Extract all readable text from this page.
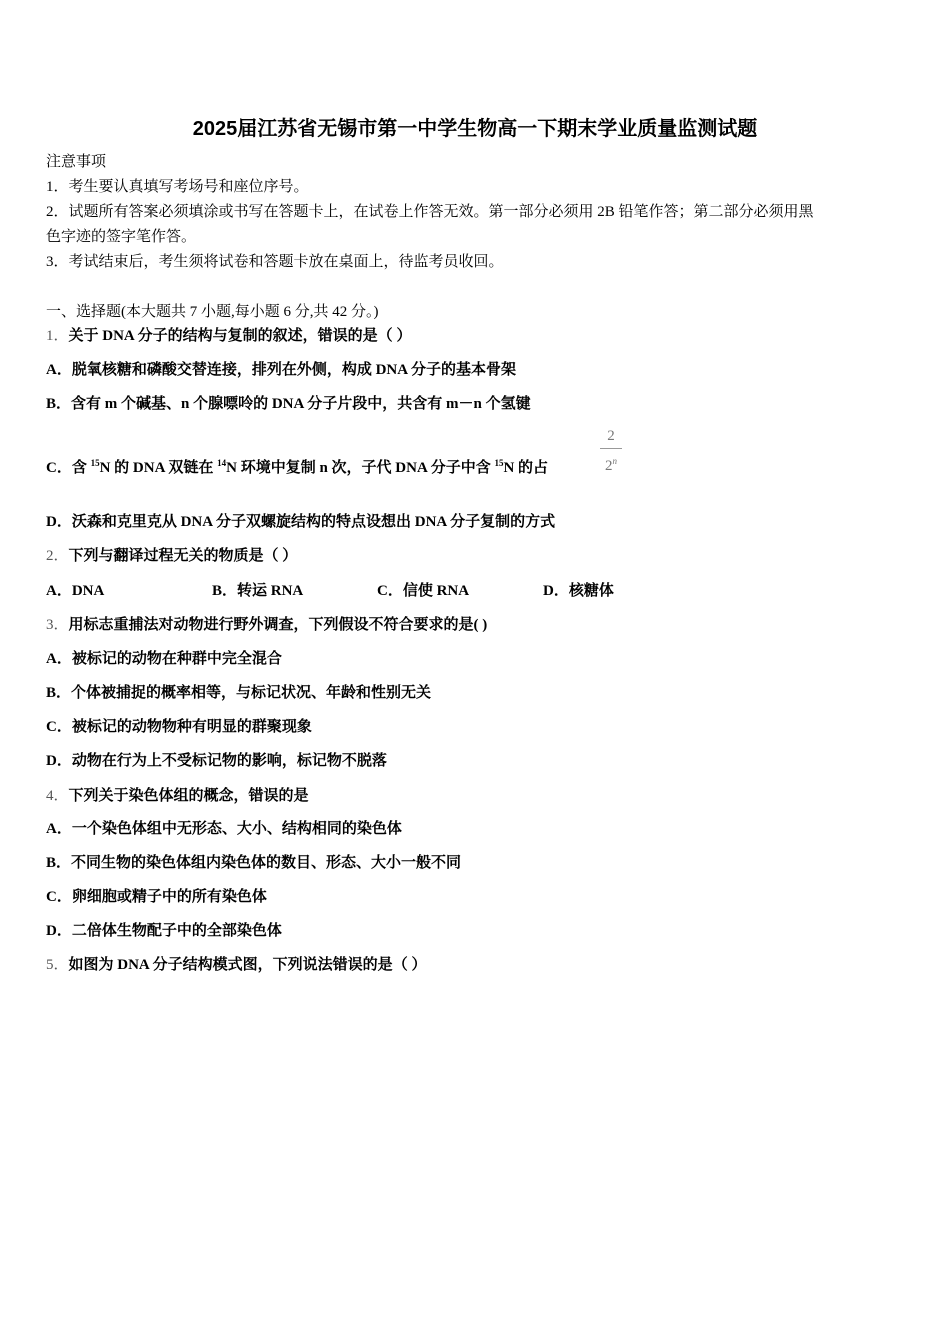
2025届江苏省无锡市第一中学生物高一下期末学业质量监测试题
注意事项
1．考生要认真填写考场号和座位序号。
2．试题所有答案必须填涂或书写在答题卡上，在试卷上作答无效。第一部分必须用 2B 铅笔作答；第二部分必须用黑
色字迹的签字笔作答。
3．考试结束后，考生须将试卷和答题卡放在桌面上，待监考员收回。
一、选择题(本大题共 7 小题,每小题 6 分,共 42 分。)
1．关于 DNA 分子的结构与复制的叙述，错误的是（ ）
A．脱氧核糖和磷酸交替连接，排列在外侧，构成 DNA 分子的基本骨架
B．含有 m 个碱基、n 个腺嘌呤的 DNA 分子片段中，共含有 m－n 个氢键
C．含 $^{15}$N 的 DNA 双链在 $^{14}$N 环境中复制 n 次，子代 DNA 分子中含 $^{15}$N 的占
2
2$^n$
D．沃森和克里克从 DNA 分子双螺旋结构的特点设想出 DNA 分子复制的方式
2．下列与翻译过程无关的物质是（ ）
A．DNA	B．转运 RNA	C．信使 RNA	D．核糖体
3．用标志重捕法对动物进行野外调查，下列假设不符合要求的是( )
A．被标记的动物在种群中完全混合
B．个体被捕捉的概率相等，与标记状况、年龄和性别无关
C．被标记的动物物种有明显的群聚现象
D．动物在行为上不受标记物的影响，标记物不脱落
4．下列关于染色体组的概念，错误的是
A．一个染色体组中无形态、大小、结构相同的染色体
B．不同生物的染色体组内染色体的数目、形态、大小一般不同
C．卵细胞或精子中的所有染色体
D．二倍体生物配子中的全部染色体
5．如图为 DNA 分子结构模式图，下列说法错误的是（ ）
